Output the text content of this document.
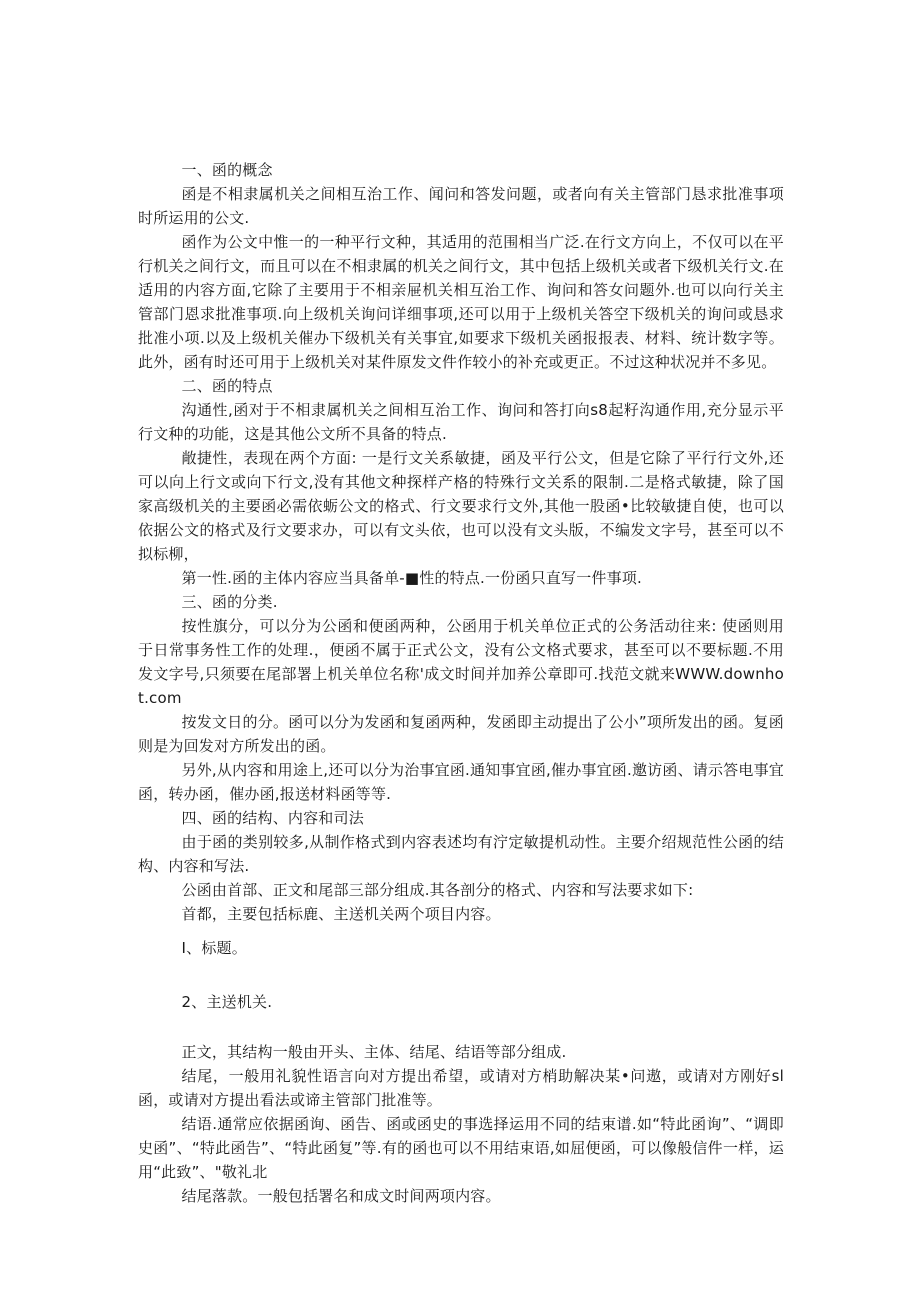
一、函的概念

函是不相隶属机关之间相互治工作、闻问和答发问题，或者向有关主管部门恳求批准事项时所运用的公文.

函作为公文中惟一的一种平行文种，其适用的范围相当广泛.在行文方向上，不仅可以在平行机关之间行文，而且可以在不相隶属的机关之间行文，其中包括上级机关或者下级机关行文.在适用的内容方面,它除了主要用于不相亲屉机关相互治工作、询问和答女问题外.也可以向行关主管部门恩求批准事项.向上级机关询问详细事项,还可以用于上级机关答空下级机关的询问或恳求批准小项.以及上级机关催办下级机关有关事宜,如要求下级机关函报报表、材料、统计数字等。此外，函有时还可用于上级机关对某件原发文件作较小的补充或更正。不过这种状况并不多见。

二、函的特点

沟通性,函对于不相隶属机关之间相互治工作、询问和答打向s8起籽沟通作用,充分显示平行文种的功能，这是其他公文所不具备的特点.

敞捷性，表现在两个方面: 一是行文关系敏捷，函及平行公文，但是它除了平行行文外,还可以向上行文或向下行文,没有其他文种探样产格的特殊行文关系的限制.二是格式敏捷，除了国家高级机关的主要函必需依蛎公文的格式、行文要求行文外,其他一股函•比较敏捷自使，也可以依据公文的格式及行文要求办，可以有文头依，也可以没有文头版，不编发文字号，甚至可以不拟标柳，

第一性.函的主体内容应当具备单-■性的特点.一份函只直写一件事项.

三、函的分类.

按性旗分，可以分为公函和便函两种，公函用于机关单位正式的公务活动往来: 使函则用于日常事务性工作的处理.，便函不属于正式公文，没有公文格式要求，甚至可以不要标题.不用发文字号,只须要在尾部署上机关单位名称'成文时间并加养公章即可.找范文就来WWW.downhot.com

按发文日的分。函可以分为发函和复函两种，发函即主动提出了公小”项所发出的函。复函则是为回发对方所发出的函。

另外,从内容和用途上,还可以分为治事宜函.通知事宜函,催办事宜函.邀访函、请示答电事宜函，转办函，催办函,报送材料函等等.

四、函的结构、内容和司法

由于函的类别较多,从制作格式到内容表述均有泞定敏提机动性。主要介绍规范性公函的结构、内容和写法.

公函由首部、正文和尾部三部分组成.其各剖分的格式、内容和写法要求如下:

首都，主要包括标鹿、主送机关两个项目内容。

I、标题。

2、主送机关.

正文，其结构一般由开头、主体、结尾、结语等部分组成.

结尾，一般用礼貌性语言向对方提出希望，或请对方梢助解决某•问遨，或请对方刚好sl函，或请对方提出看法或谛主管部门批准等。

结语.通常应依据函询、函告、函或函史的事选择运用不同的结束谱.如“特此函询”、“调即史函”、“特此函告”、“特此函复”等.有的函也可以不用结束语,如屈便函，可以像般信件一样，运用“此致”、"敬礼北

结尾落款。一般包括署名和成文时间两项内容。
